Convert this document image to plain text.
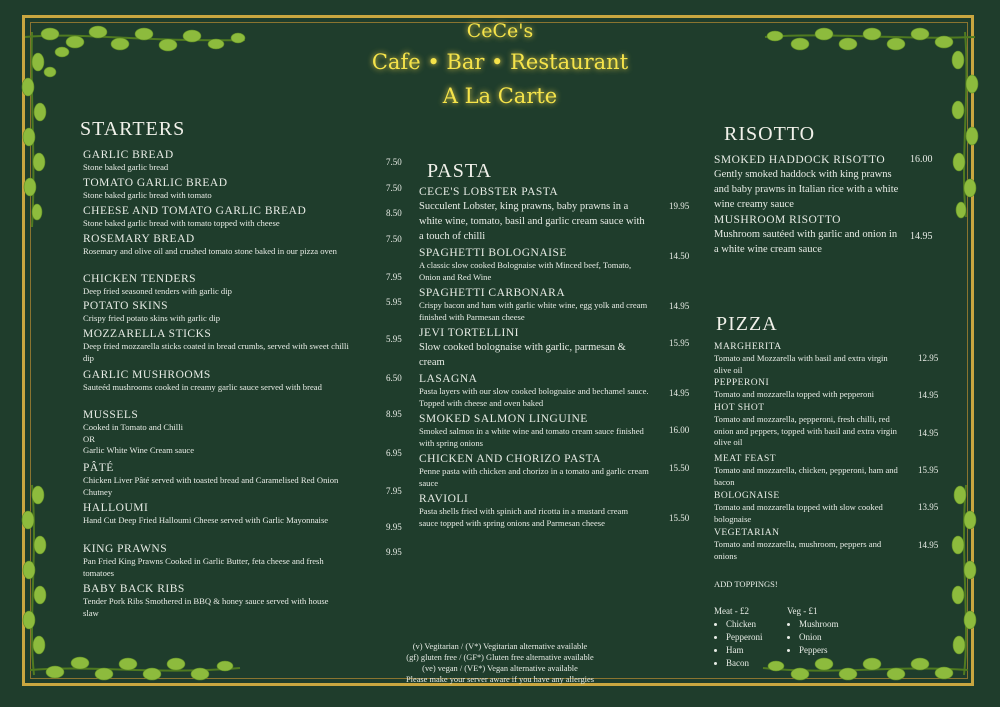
CeCe's
Cafe • Bar • Restaurant
A La Carte
STARTERS
GARLIC BREAD
Stone baked garlic bread	7.50
TOMATO GARLIC BREAD
Stone baked garlic bread with tomato
7.50
CHEESE AND TOMATO GARLIC BREAD
Stone baked garlic bread with tomato topped with cheese
8.50
ROSEMARY BREAD
Rosemary and olive oil and crushed tomato stone baked in our pizza oven
7.50
CHICKEN TENDERS
Deep fried seasoned tenders with garlic dip
7.95
POTATO SKINS
Crispy fried potato skins with garlic dip
5.95
MOZZARELLA STICKS
Deep fried mozzarella sticks coated in bread crumbs, served with sweet chilli dip
5.95
GARLIC MUSHROOMS
Sauteéd mushrooms cooked in creamy garlic sauce served with bread
6.50
MUSSELS
Cooked in Tomato and Chilli
OR
Garlic White Wine Cream sauce
8.95
6.95
PÂTÉ
Chicken Liver Pâté served with toasted bread and Caramelised Red Onion Chutney	7.95
HALLOUMI
Hand Cut Deep Fried Halloumi Cheese served with Garlic Mayonnaise
9.95
KING PRAWNS
Pan Fried King Prawns Cooked in Garlic Butter, feta cheese and fresh tomatoes
9.95
BABY BACK RIBS
Tender Pork Ribs Smothered in BBQ & honey sauce served with house slaw
PASTA
CECE'S LOBSTER PASTA
Succulent Lobster, king prawns, baby prawns in a white wine, tomato, basil and garlic cream sauce with a touch of chilli
19.95
SPAGHETTI BOLOGNAISE
A classic slow cooked Bolognaise with Minced beef, Tomato, Onion and Red Wine
14.50
SPAGHETTI CARBONARA
Crispy bacon and ham with garlic white wine, egg yolk and cream finished with Parmesan cheese
14.95
JEVI TORTELLINI
Slow cooked bolognaise with garlic, parmesan & cream
15.95
LASAGNA
Pasta layers with our slow cooked bolognaise and bechamel sauce. Topped with cheese and oven baked
14.95
SMOKED SALMON LINGUINE
Smoked salmon in a white wine and tomato cream sauce finished with spring onions
16.00
CHICKEN AND CHORIZO PASTA
Penne pasta with chicken and chorizo in a tomato and garlic cream sauce
15.50
RAVIOLI
Pasta shells fried with spinich and ricotta in a mustard cream sauce topped with spring onions and Parmesan cheese	15.50
RISOTTO
SMOKED HADDOCK RISOTTO
Gently smoked haddock with king prawns and baby prawns in Italian rice with a white wine creamy sauce
16.00
MUSHROOM RISOTTO
Mushroom sautéed with garlic and onion in a white wine cream sauce
14.95
PIZZA
MARGHERITA
Tomato and Mozzarella with basil and extra virgin olive oil
12.95
PEPPERONI
Tomato and mozzarella topped with pepperoni	14.95
HOT SHOT
Tomato and mozzarella, pepperoni, fresh chilli, red onion and peppers, topped with basil and extra virgin olive oil
14.95
MEAT FEAST
Tomato and mozzarella, chicken, pepperoni, ham and bacon
15.95
BOLOGNAISE
Tomato and mozzarella topped with slow cooked bolognaise
13.95
VEGETARIAN
Tomato and mozzarella, mushroom, peppers and onions
14.95
ADD TOPPINGS!
Meat - £2
• Chicken
• Pepperoni
• Ham
• Bacon
Veg - £1
• Mushroom
• Onion
• Peppers
(v) Vegitarian / (V*) Vegitarian alternative available
(gf) gluten free / (GF*) Gluten free alternative available
(ve) vegan / (VE*) Vegan alternative available
Please make your server aware if you have any allergies
